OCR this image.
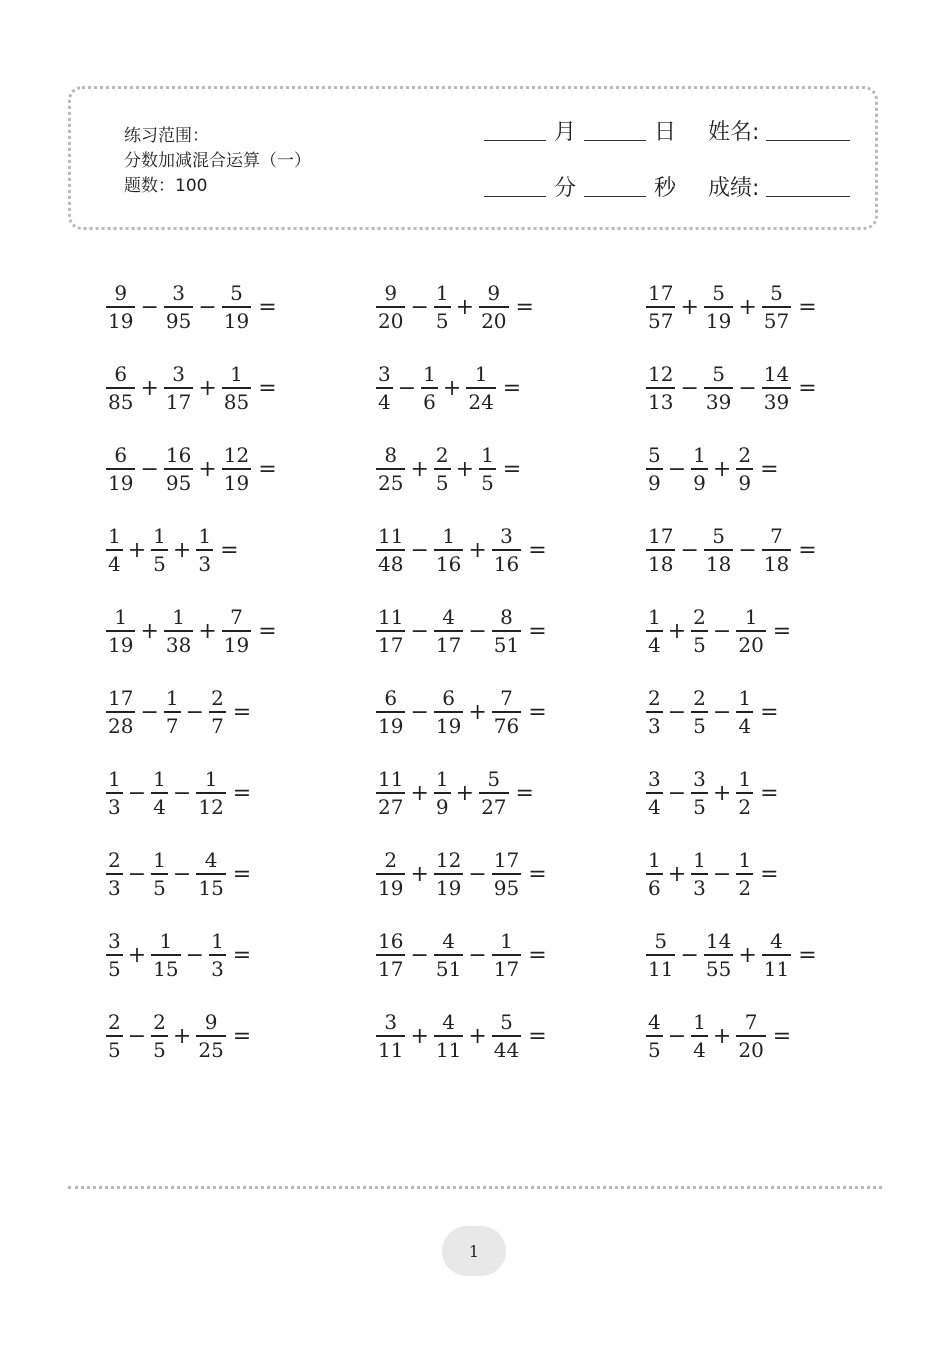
练习范围：
分数加减混合运算（一）
题数：100
月	日 姓名:
分	秒 成绩:
$\frac{9}{19} - \frac{3}{95} - \frac{5}{19}$ =
$\frac{6}{85} + \frac{3}{17} + \frac{1}{85}$ =
$\frac{6}{19} - \frac{16}{95} + \frac{12}{19}$ =
$\frac{1}{4} + \frac{1}{5} + \frac{1}{3}$ =
$\frac{1}{19} + \frac{1}{38} + \frac{7}{19}$ =
$\frac{17}{28} - \frac{1}{7} - \frac{2}{7}$ =
$\frac{1}{3} - \frac{1}{4} - \frac{1}{12}$ =
$\frac{2}{3} - \frac{1}{5} - \frac{4}{15}$ =
$\frac{3}{5} + \frac{1}{15} - \frac{1}{3}$ =
$\frac{2}{5} - \frac{2}{5} + \frac{9}{25}$ =
$\frac{9}{20} - \frac{1}{5} + \frac{9}{20}$ =
$\frac{3}{4} - \frac{1}{6} + \frac{1}{24}$ =
$\frac{8}{25} + \frac{2}{5} + \frac{1}{5}$ =
$\frac{11}{48} - \frac{1}{16} + \frac{3}{16}$ =
$\frac{11}{17} - \frac{4}{17} - \frac{8}{51}$ =
$\frac{6}{19} - \frac{6}{19} + \frac{7}{76}$ =
$\frac{11}{27} + \frac{1}{9} + \frac{5}{27}$ =
$\frac{2}{19} + \frac{12}{19} - \frac{17}{95}$ =
$\frac{16}{17} - \frac{4}{51} - \frac{1}{17}$ =
$\frac{3}{11} + \frac{4}{11} + \frac{5}{44}$ =
$\frac{17}{57} + \frac{5}{19} + \frac{5}{57}$ =
$\frac{12}{13} - \frac{5}{39} - \frac{14}{39}$ =
$\frac{5}{9} - \frac{1}{9} + \frac{2}{9}$ =
$\frac{17}{18} - \frac{5}{18} - \frac{7}{18}$ =
$\frac{1}{4} + \frac{2}{5} - \frac{1}{20}$ =
$\frac{2}{3} - \frac{2}{5} - \frac{1}{4}$ =
$\frac{3}{4} - \frac{3}{5} + \frac{1}{2}$ =
$\frac{1}{6} + \frac{1}{3} - \frac{1}{2}$ =
$\frac{5}{11} - \frac{14}{55} + \frac{4}{11}$ =
$\frac{4}{5} - \frac{1}{4} + \frac{7}{20}$ =
1
